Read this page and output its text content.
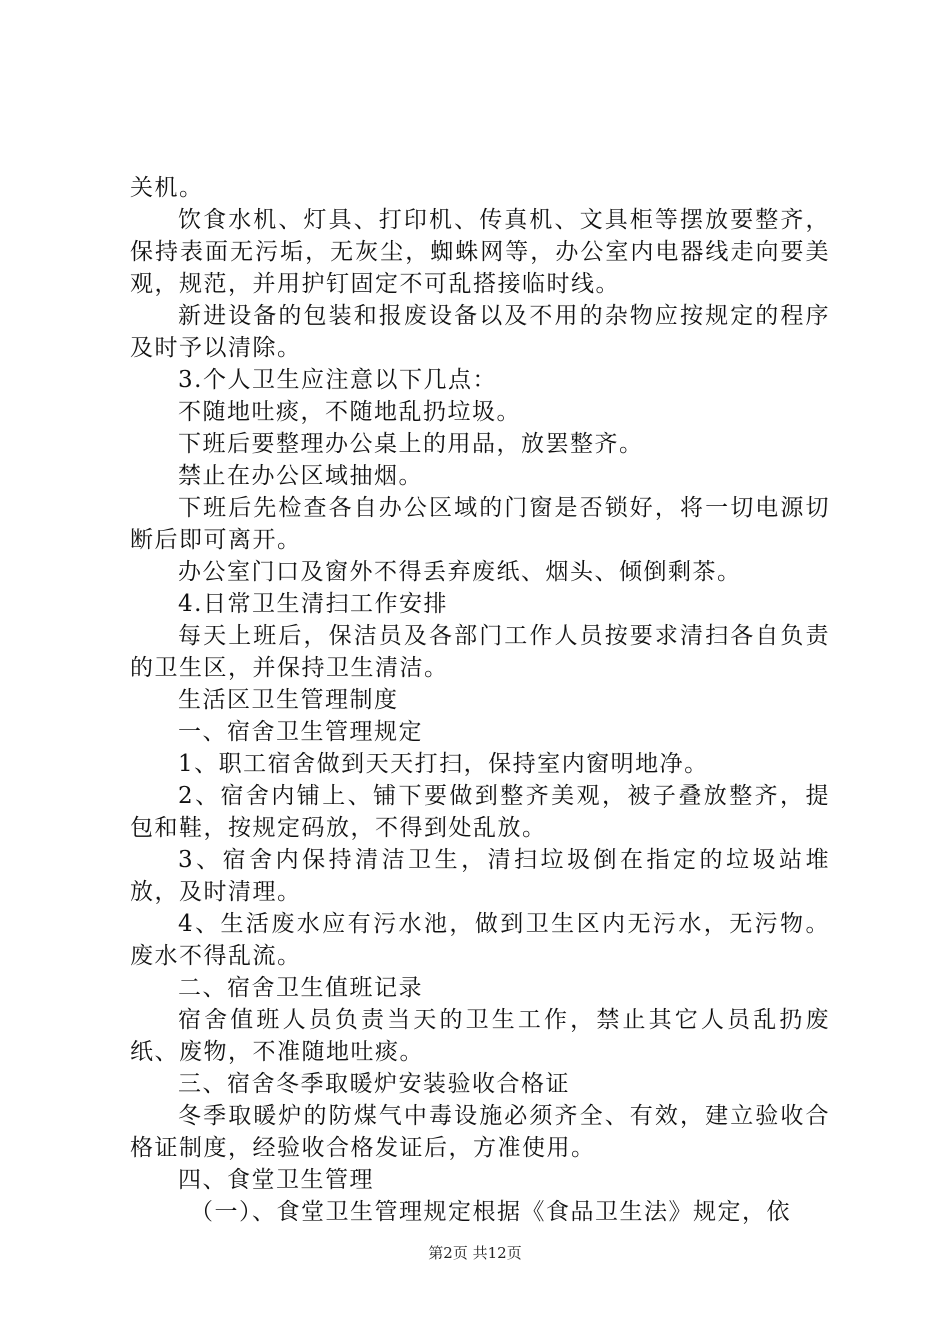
关机。

饮食水机、灯具、打印机、传真机、文具柜等摆放要整齐，保持表面无污垢，无灰尘，蜘蛛网等，办公室内电器线走向要美观，规范，并用护钉固定不可乱搭接临时线。

新进设备的包装和报废设备以及不用的杂物应按规定的程序及时予以清除。

3.个人卫生应注意以下几点：

不随地吐痰，不随地乱扔垃圾。

下班后要整理办公桌上的用品，放罢整齐。

禁止在办公区域抽烟。

下班后先检查各自办公区域的门窗是否锁好，将一切电源切断后即可离开。

办公室门口及窗外不得丢弃废纸、烟头、倾倒剩茶。

4.日常卫生清扫工作安排

每天上班后，保洁员及各部门工作人员按要求清扫各自负责的卫生区，并保持卫生清洁。

生活区卫生管理制度

一、宿舍卫生管理规定

1、职工宿舍做到天天打扫，保持室内窗明地净。

2、宿舍内铺上、铺下要做到整齐美观，被子叠放整齐，提包和鞋，按规定码放，不得到处乱放。

3、宿舍内保持清洁卫生，清扫垃圾倒在指定的垃圾站堆放，及时清理。

4、生活废水应有污水池，做到卫生区内无污水，无污物。废水不得乱流。

二、宿舍卫生值班记录

宿舍值班人员负责当天的卫生工作，禁止其它人员乱扔废纸、废物，不准随地吐痰。

三、宿舍冬季取暖炉安装验收合格证

冬季取暖炉的防煤气中毒设施必须齐全、有效，建立验收合格证制度，经验收合格发证后，方准使用。

四、食堂卫生管理

（一）、食堂卫生管理规定根据《食品卫生法》规定，依

第2页 共12页
